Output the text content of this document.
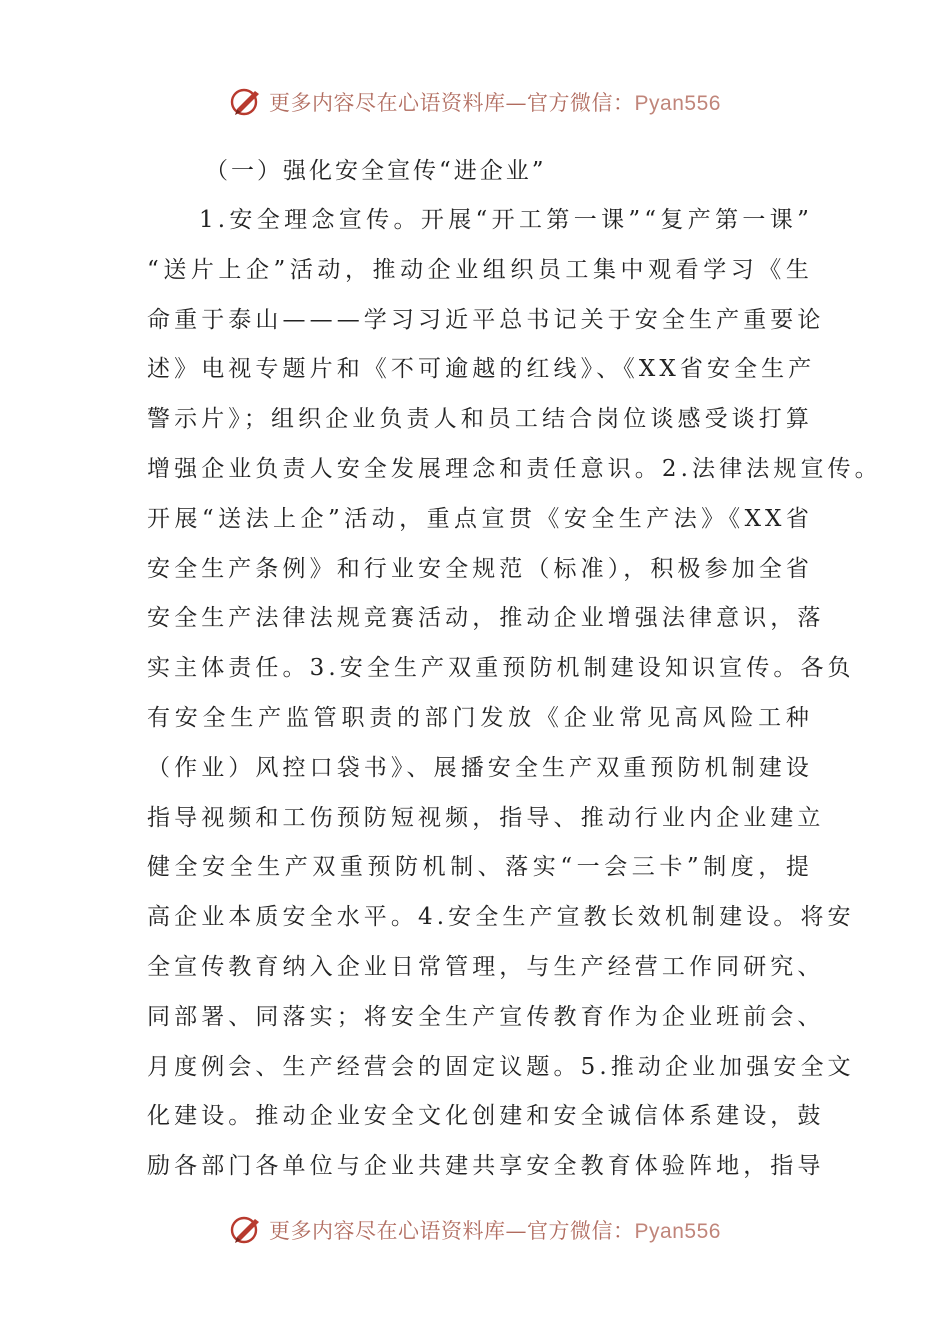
更多内容尽在心语资料库—官方微信：Pyan556
（一）强化安全宣传“进企业”
1.安全理念宣传。开展“开工第一课”“复产第一课”
“送片上企”活动，推动企业组织员工集中观看学习《生
命重于泰山———学习习近平总书记关于安全生产重要论
述》电视专题片和《不可逾越的红线》、《XX省安全生产
警示片》；组织企业负责人和员工结合岗位谈感受谈打算
增强企业负责人安全发展理念和责任意识。2.法律法规宣传。
开展“送法上企”活动，重点宣贯《安全生产法》《XX省
安全生产条例》和行业安全规范（标准），积极参加全省
安全生产法律法规竞赛活动，推动企业增强法律意识，落
实主体责任。3.安全生产双重预防机制建设知识宣传。各负
有安全生产监管职责的部门发放《企业常见高风险工种
（作业）风控口袋书》、展播安全生产双重预防机制建设
指导视频和工伤预防短视频，指导、推动行业内企业建立
健全安全生产双重预防机制、落实“一会三卡”制度，提
高企业本质安全水平。4.安全生产宣教长效机制建设。将安
全宣传教育纳入企业日常管理，与生产经营工作同研究、
同部署、同落实；将安全生产宣传教育作为企业班前会、
月度例会、生产经营会的固定议题。5.推动企业加强安全文
化建设。推动企业安全文化创建和安全诚信体系建设，鼓
励各部门各单位与企业共建共享安全教育体验阵地，指导
更多内容尽在心语资料库—官方微信：Pyan556
